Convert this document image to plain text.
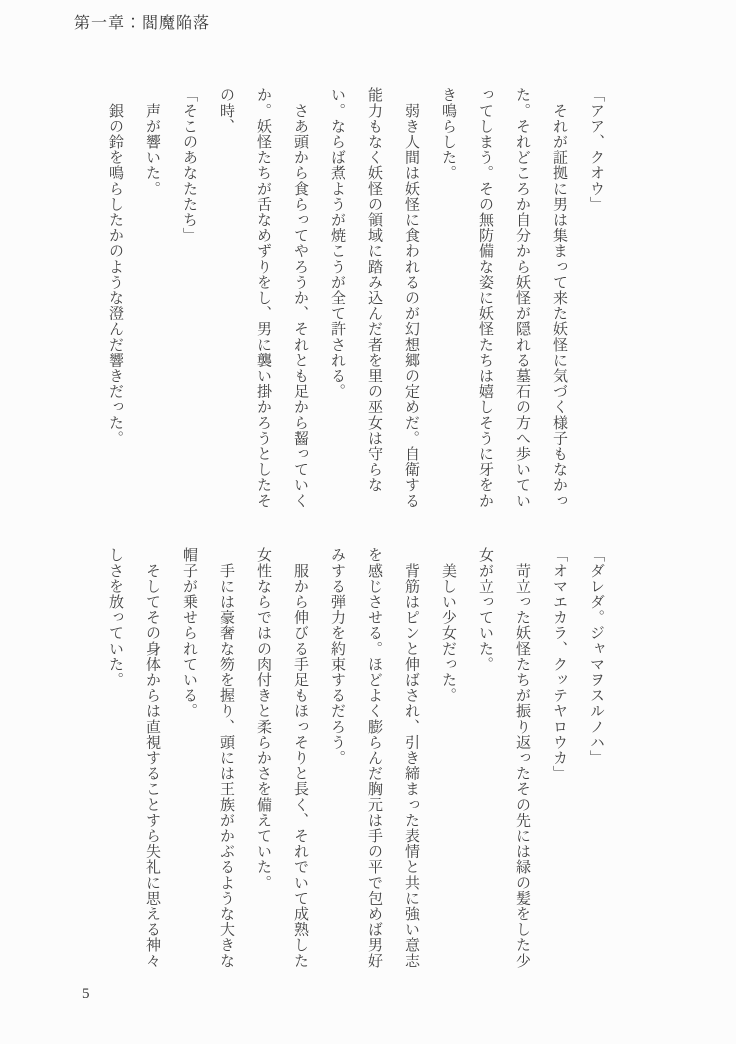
第一章：閻魔陥落
「アア、クオウ」
　それが証拠に男は集まって来た妖怪に気づく様子もなかっ
た。それどころか自分から妖怪が隠れる墓石の方へ歩いてい
ってしまう。その無防備な姿に妖怪たちは嬉しそうに牙をか
き鳴らした。
　弱き人間は妖怪に食われるのが幻想郷の定めだ。自衛する
能力もなく妖怪の領域に踏み込んだ者を里の巫女は守らな
い。ならば煮ようが焼こうが全て許される。
　さあ頭から食らってやろうか、それとも足から齧っていく
か。妖怪たちが舌なめずりをし、男に襲い掛かろうとしたそ
の時、
「そこのあなたたち」
　声が響いた。
　銀の鈴を鳴らしたかのような澄んだ響きだった。
「ダレダ。ジャマヲスルノハ」
「オマエカラ、クッテヤロウカ」
　苛立った妖怪たちが振り返ったその先には緑の髪をした少
女が立っていた。
　美しい少女だった。
　背筋はピンと伸ばされ、引き締まった表情と共に強い意志
を感じさせる。ほどよく膨らんだ胸元は手の平で包めば男好
みする弾力を約束するだろう。
　服から伸びる手足もほっそりと長く、それでいて成熟した
女性ならではの肉付きと柔らかさを備えていた。
　手には豪奢な笏を握り、頭には王族がかぶるような大きな
帽子が乗せられている。
　そしてその身体からは直視することすら失礼に思える神々
しさを放っていた。
5
